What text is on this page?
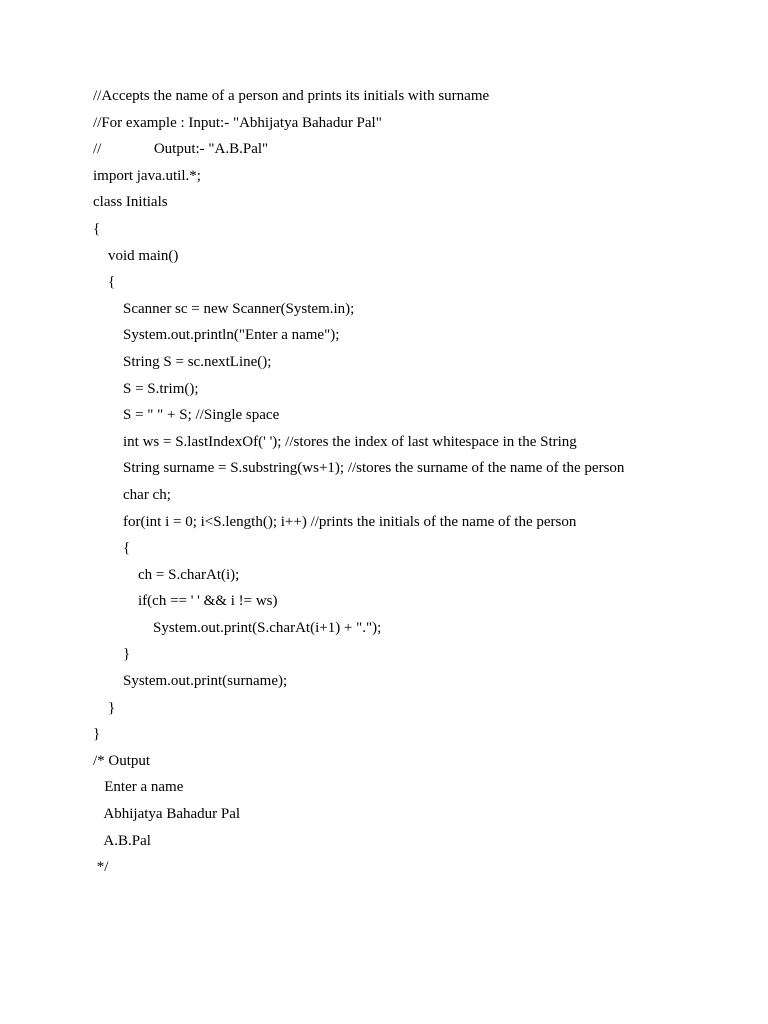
//Accepts the name of a person and prints its initials with surname
//For example : Input:- "Abhijatya Bahadur Pal"
//              Output:- "A.B.Pal"
import java.util.*;
class Initials
{
void main()
{
Scanner sc = new Scanner(System.in);
System.out.println("Enter a name");
String S = sc.nextLine();
S = S.trim();
S = " " + S; //Single space
int ws = S.lastIndexOf(' '); //stores the index of last whitespace in the String
String surname = S.substring(ws+1); //stores the surname of the name of the person
char ch;
for(int i = 0; i<S.length(); i++) //prints the initials of the name of the person
{
ch = S.charAt(i);
if(ch == ' ' && i != ws)
System.out.print(S.charAt(i+1) + ".");
}
System.out.print(surname);
}
}
/* Output
Enter a name
Abhijatya Bahadur Pal
A.B.Pal
*/
